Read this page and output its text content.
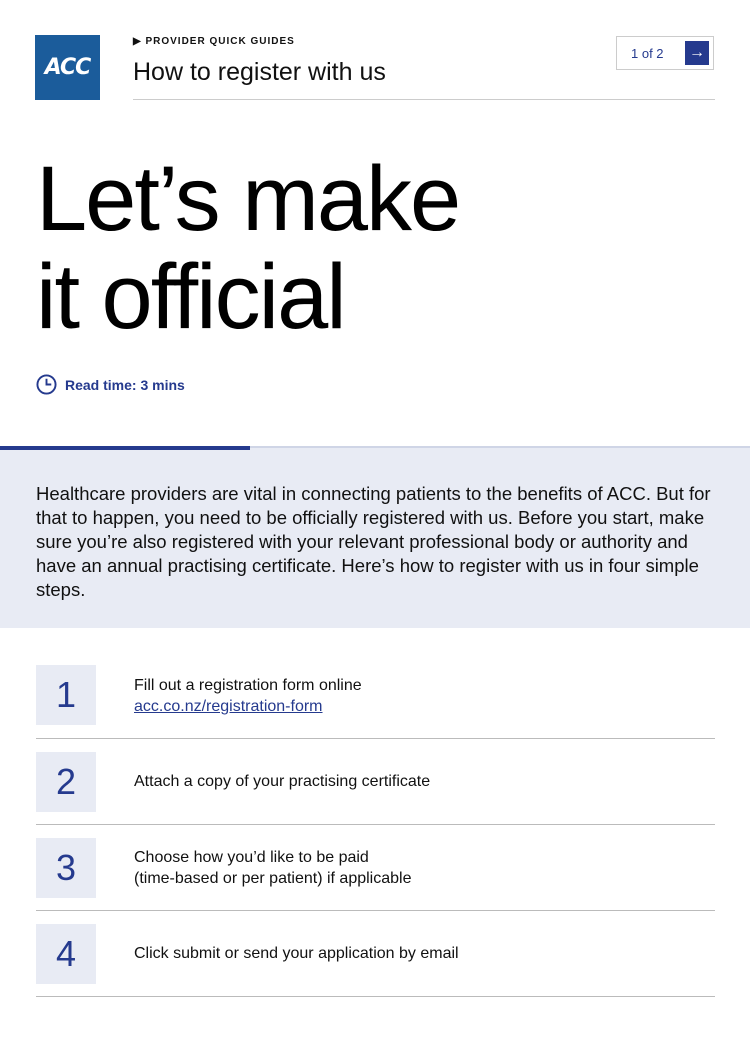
ACC
▶ PROVIDER QUICK GUIDES
How to register with us
1 of 2 →
Let’s make
it official
Read time: 3 mins

Healthcare providers are vital in connecting patients to the benefits of ACC. But for that to happen, you need to be officially registered with us. Before you start, make sure you’re also registered with your relevant professional body or authority and have an annual practising certificate. Here’s how to register with us in four simple steps.

1	Fill out a registration form online
acc.co.nz/registration-form
2	Attach a copy of your practising certificate
3	Choose how you’d like to be paid
(time-based or per patient) if applicable
4	Click submit or send your application by email
